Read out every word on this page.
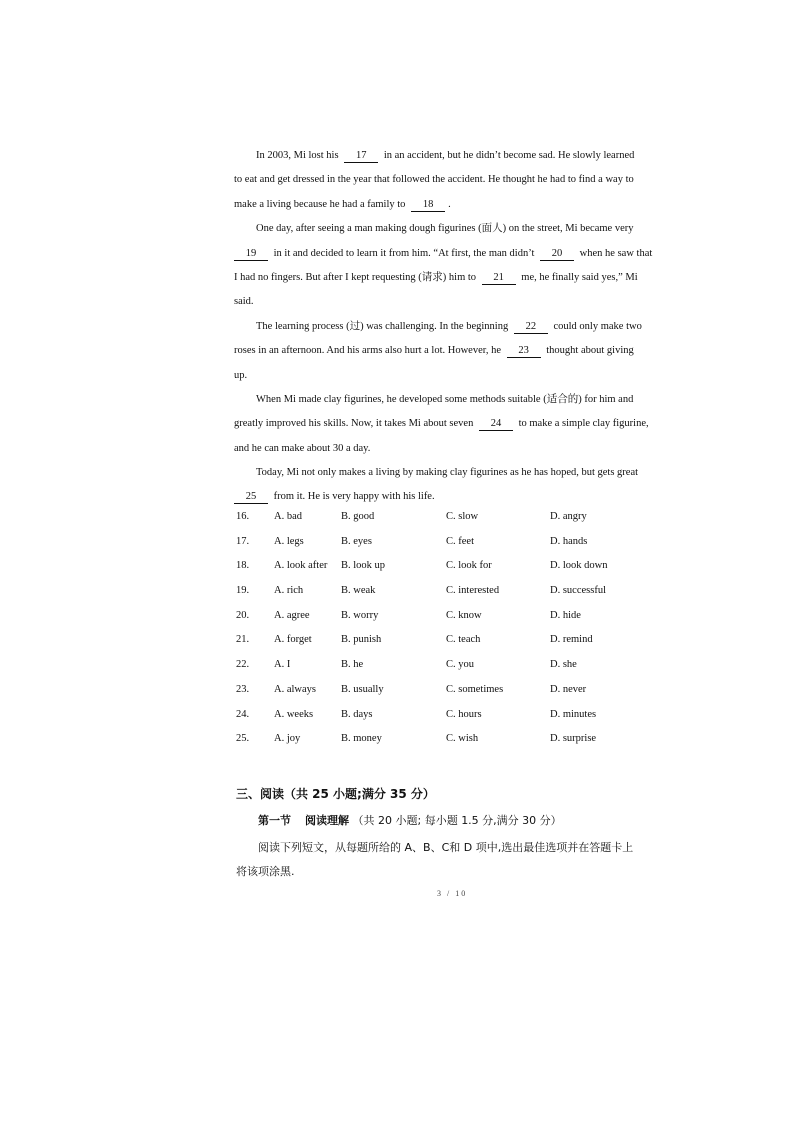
In 2003, Mi lost his 17 in an accident, but he didn’t become sad. He slowly learned
to eat and get dressed in the year that followed the accident. He thought he had to find a way to
make a living because he had a family to 18 .
One day, after seeing a man making dough figurines (面人) on the street, Mi became very
19 in it and decided to learn it from him. “At first, the man didn’t 20 when he saw that
I had no fingers. But after I kept requesting (请求) him to 21 me, he finally said yes,” Mi
said.
The learning process (过) was challenging. In the beginning 22 could only make two
roses in an afternoon. And his arms also hurt a lot. However, he 23 thought about giving
up.
When Mi made clay figurines, he developed some methods suitable (适合的) for him and
greatly improved his skills. Now, it takes Mi about seven 24 to make a simple clay figurine,
and he can make about 30 a day.
Today, Mi not only makes a living by making clay figurines as he has hoped, but gets great
25 from it. He is very happy with his life.
16. A. bad	B. good	C. slow	D. angry
17. A. legs	B. eyes	C. feet	D. hands
18. A. look after B. look up	C. look for	D. look down
19. A. rich	B. weak	C. interested	D. successful
20. A. agree	B. worry	C. know	D. hide
21. A. forget	B. punish	C. teach	D. remind
22. A. I	B. he	C. you	D. she
23. A. always B. usually	C. sometimes	D. never
24. A. weeks	B. days	C. hours	D. minutes
25. A. joy	B. money	C. wish	D. surprise
三、阅读（共 25 小题;满分 35 分）
第一节 阅读理解 （共 20 小题; 每小题 1.5 分,满分 30 分）
阅读下列短文，从每题所给的 A、B、C和 D 项中,选出最佳选项并在答题卡上
将该项涂黑.
3 / 10
